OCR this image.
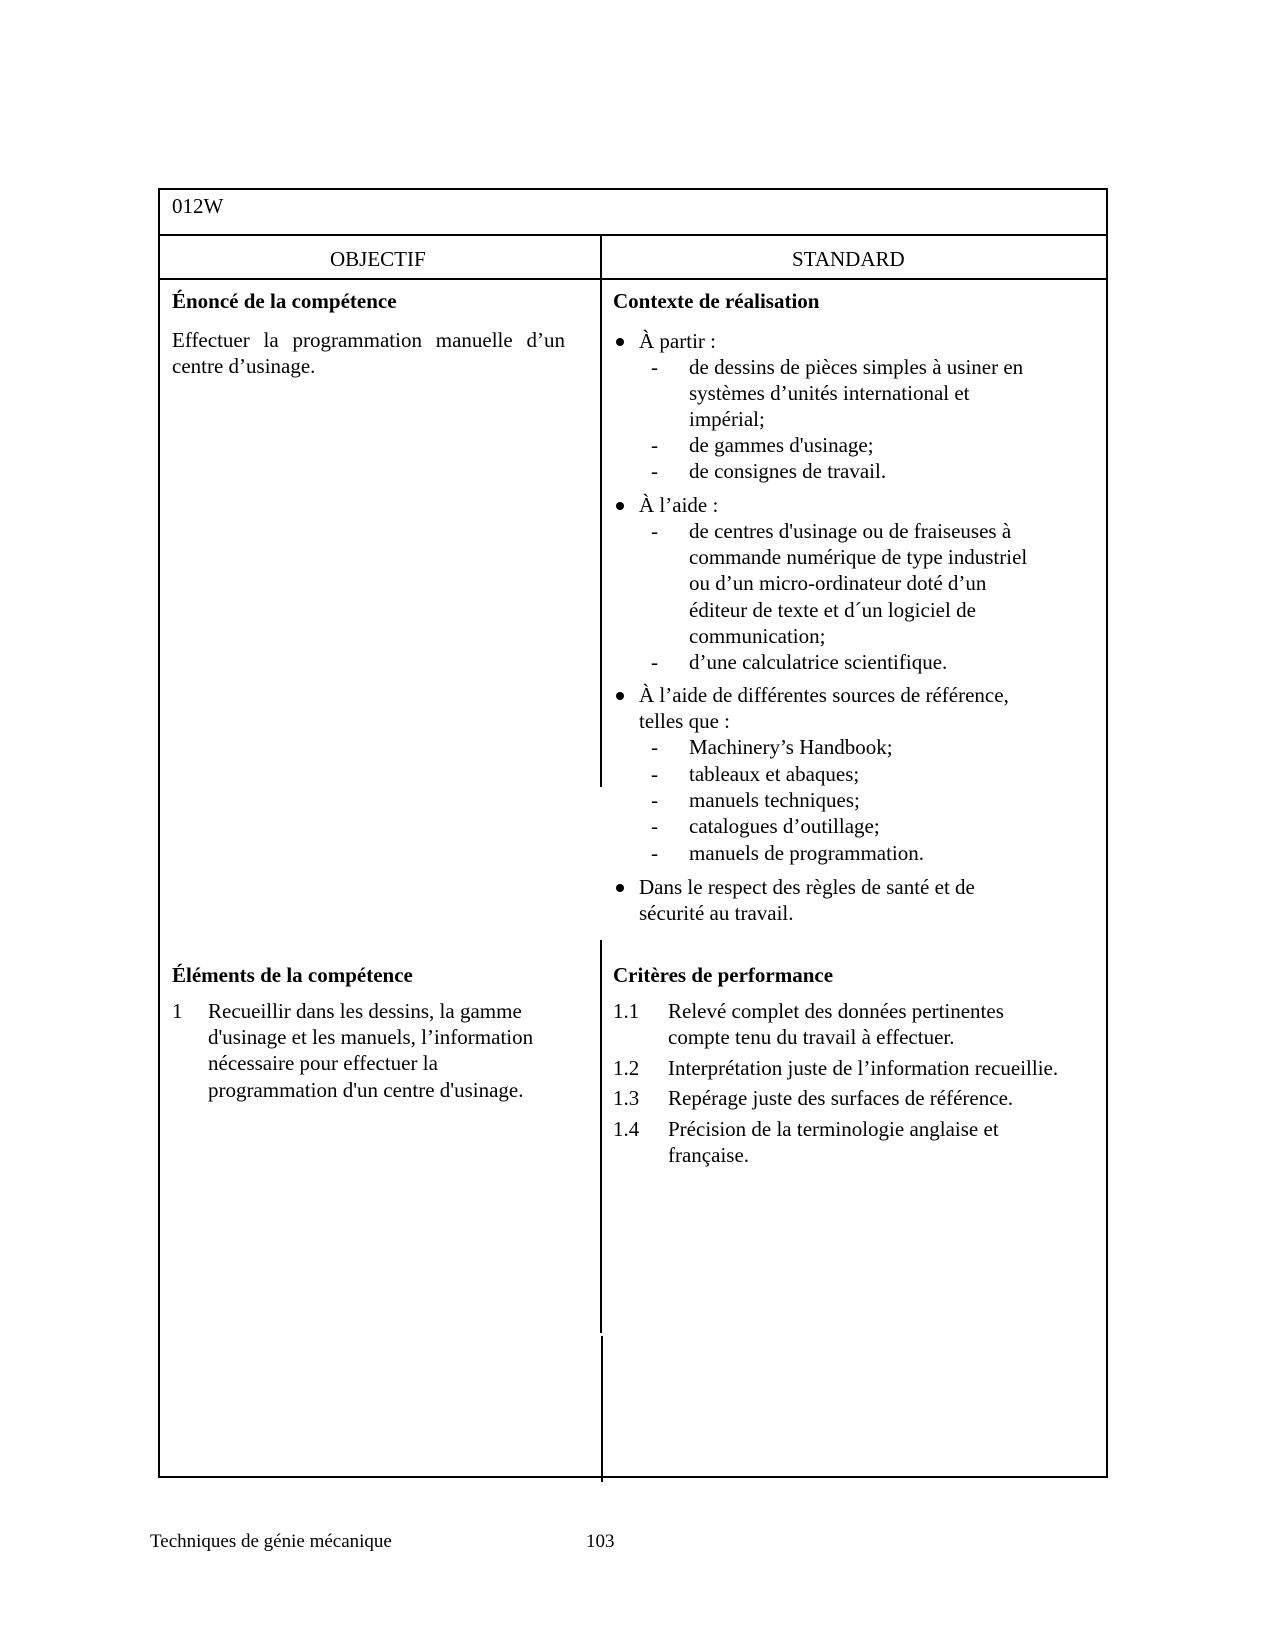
012W
OBJECTIF	STANDARD
Énoncé de la compétence
Effectuer la programmation manuelle d’un
centre d’usinage.
Contexte de réalisation
À partir :
- de dessins de pièces simples à usiner en
systèmes d’unités international et
impérial;
- de gammes d'usinage;
- de consignes de travail.
À l’aide :
- de centres d'usinage ou de fraiseuses à
commande numérique de type industriel
ou d’un micro-ordinateur doté d’un
éditeur de texte et d´un logiciel de
communication;
- d’une calculatrice scientifique.
À l’aide de différentes sources de référence,
telles que :
- Machinery’s Handbook;
- tableaux et abaques;
- manuels techniques;
- catalogues d’outillage;
- manuels de programmation.
Dans le respect des règles de santé et de
sécurité au travail.
Éléments de la compétence
1 Recueillir dans les dessins, la gamme
d'usinage et les manuels, l’information
nécessaire pour effectuer la
programmation d'un centre d'usinage.
Critères de performance
1.1 Relevé complet des données pertinentes
compte tenu du travail à effectuer.
1.2 Interprétation juste de l’information recueillie.
1.3 Repérage juste des surfaces de référence.
1.4 Précision de la terminologie anglaise et
française.
Techniques de génie mécanique	103
